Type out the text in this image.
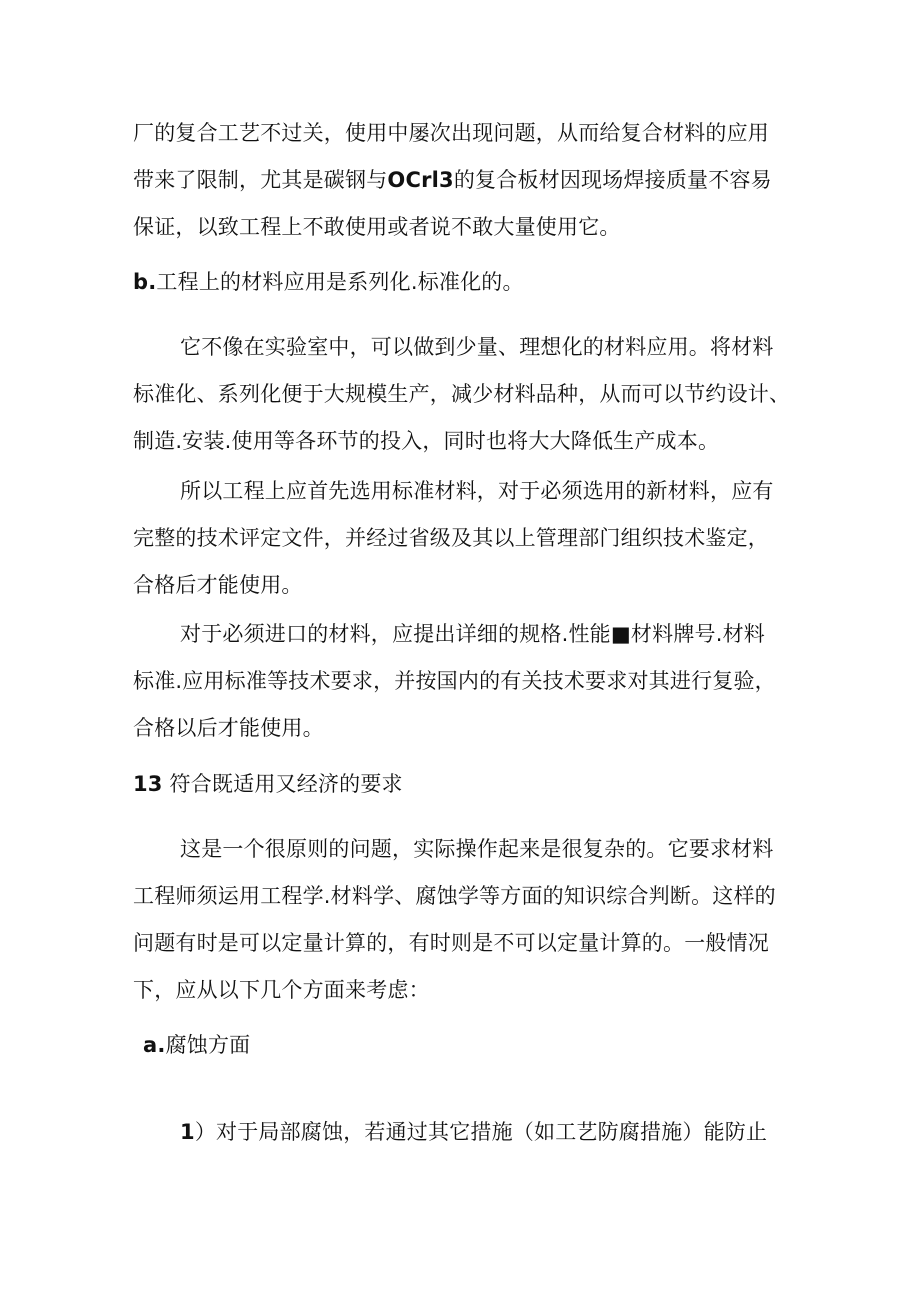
厂的复合工艺不过关，使用中屡次出现问题，从而给复合材料的应用
带来了限制，尤其是碳钢与OCrl3的复合板材因现场焊接质量不容易
保证，以致工程上不敢使用或者说不敢大量使用它。
b.工程上的材料应用是系列化.标准化的。
它不像在实验室中，可以做到少量、理想化的材料应用。将材料
标准化、系列化便于大规模生产，减少材料品种，从而可以节约设计、
制造.安装.使用等各环节的投入，同时也将大大降低生产成本。
所以工程上应首先选用标准材料，对于必须选用的新材料，应有
完整的技术评定文件，并经过省级及其以上管理部门组织技术鉴定，
合格后才能使用。
对于必须进口的材料，应提出详细的规格.性能■材料牌号.材料
标准.应用标准等技术要求，并按国内的有关技术要求对其进行复验，
合格以后才能使用。
13 符合既适用又经济的要求
这是一个很原则的问题，实际操作起来是很复杂的。它要求材料
工程师须运用工程学.材料学、腐蚀学等方面的知识综合判断。这样的
问题有时是可以定量计算的，有时则是不可以定量计算的。一般情况
下，应从以下几个方面来考虑：
a.腐蚀方面
1）对于局部腐蚀，若通过其它措施（如工艺防腐措施）能防止
